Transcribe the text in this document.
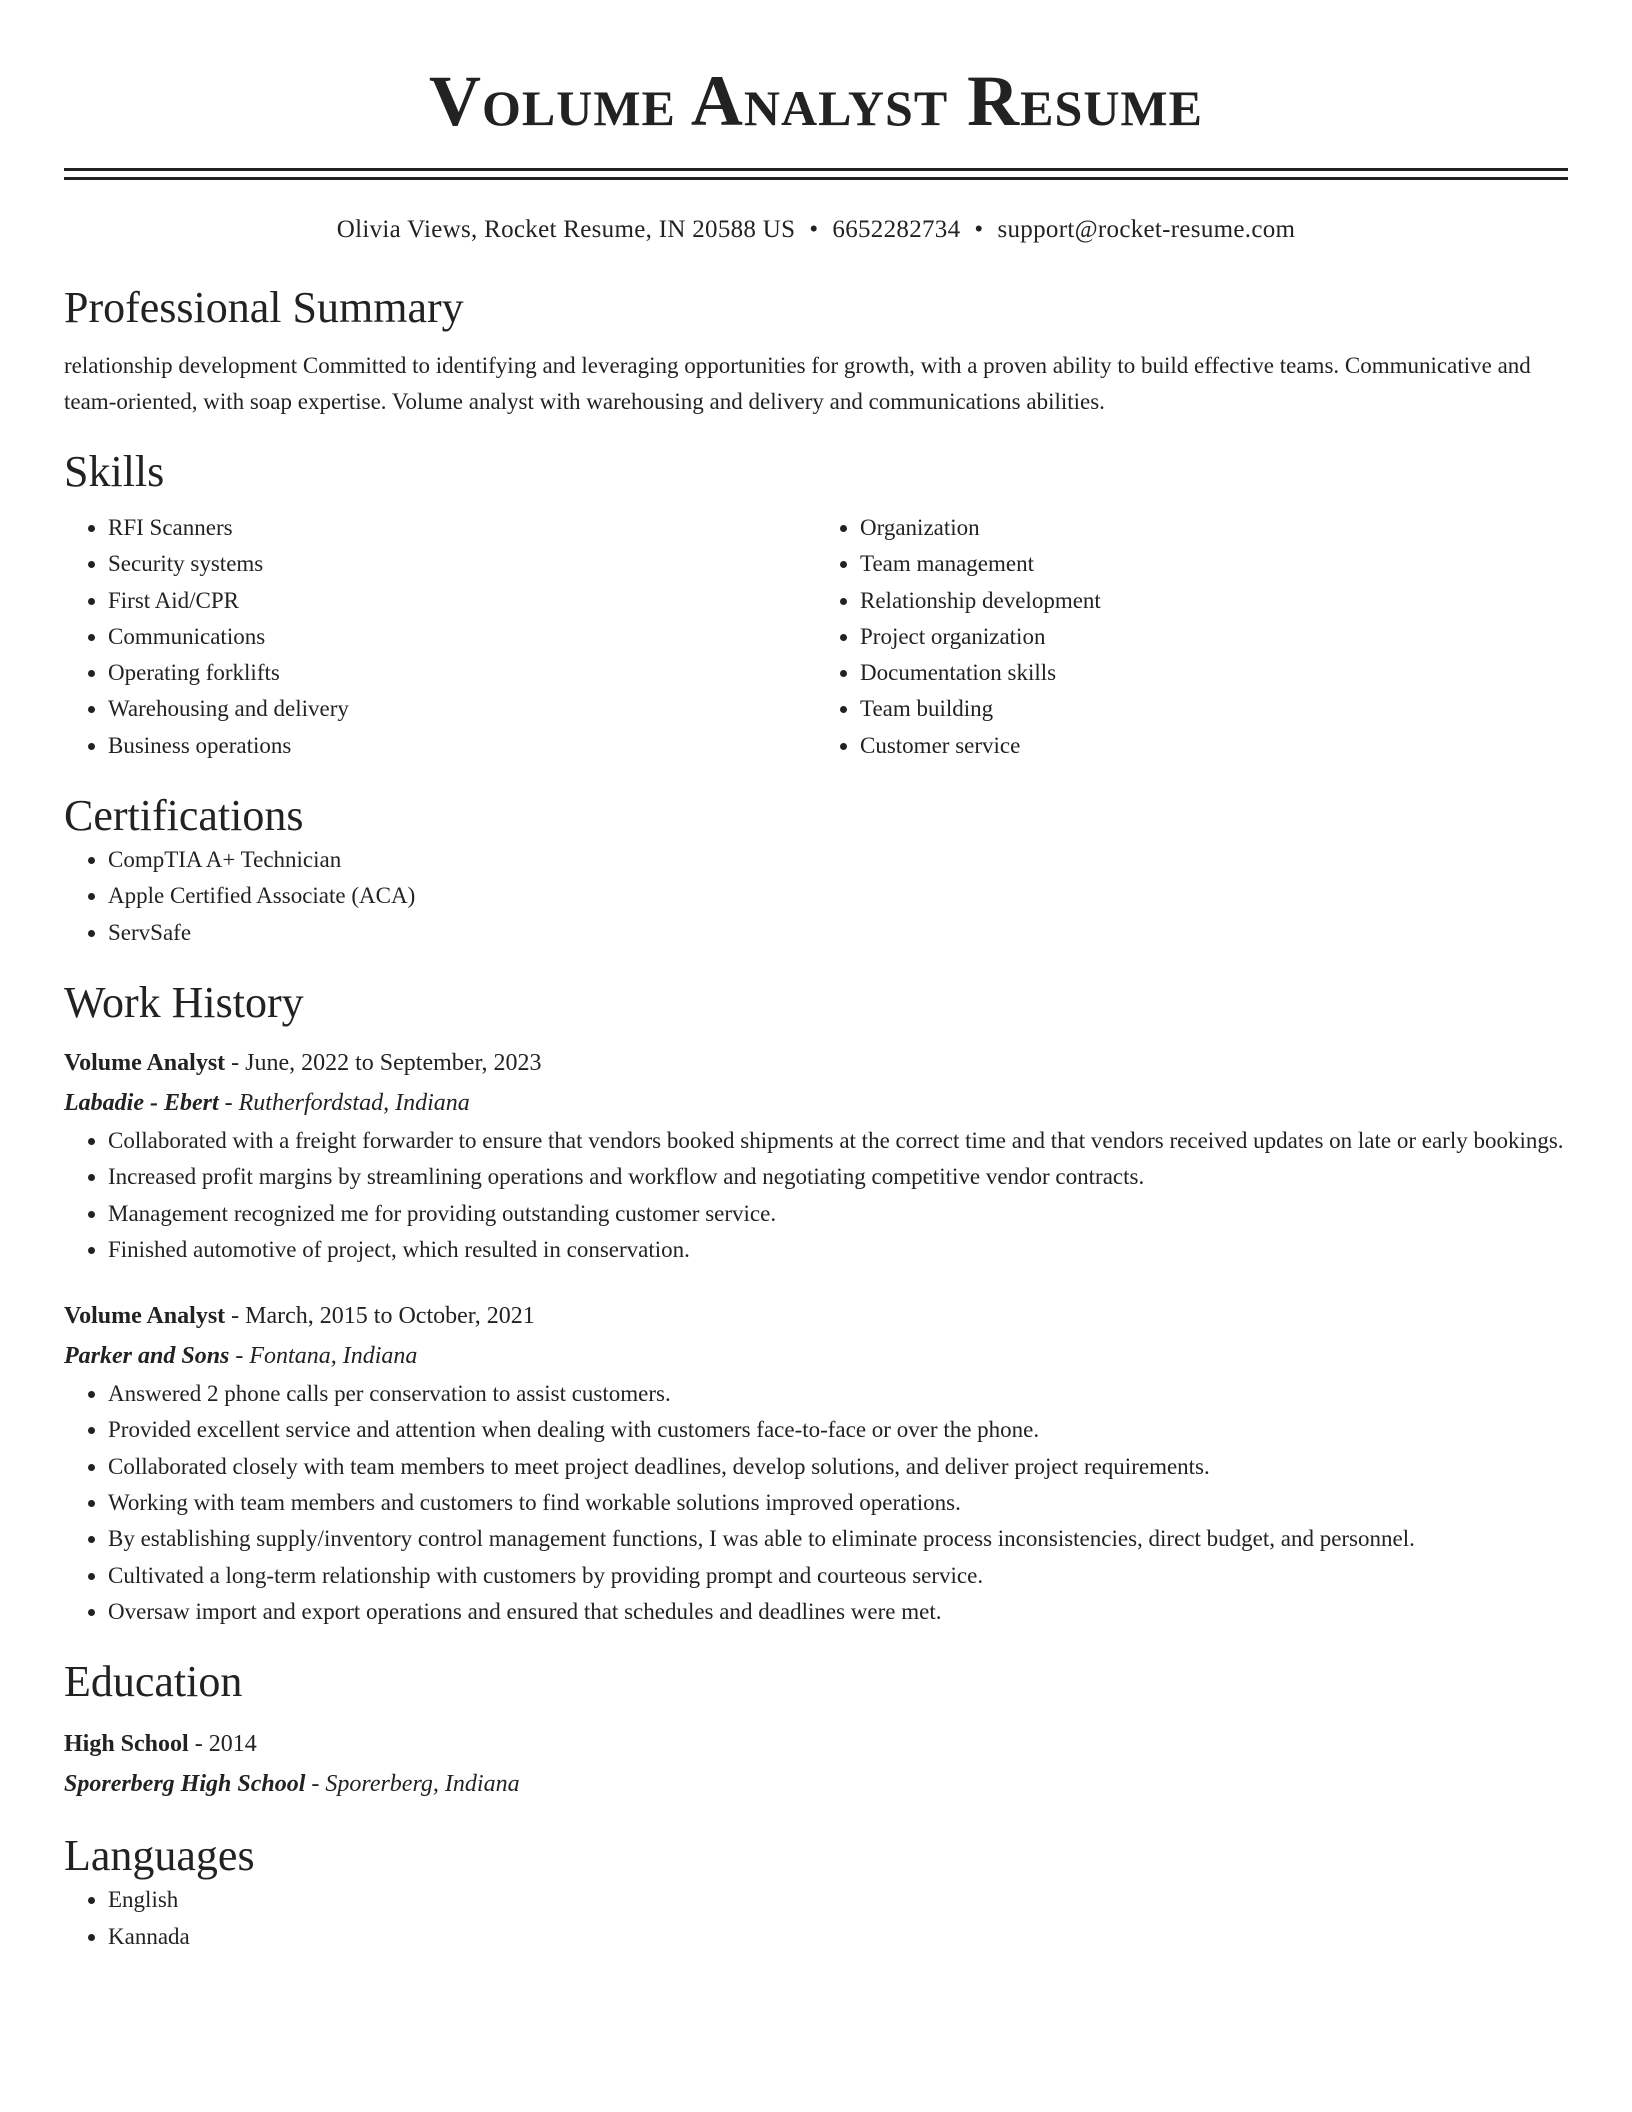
Volume Analyst Resume
Olivia Views, Rocket Resume, IN 20588 US • 6652282734 • support@rocket-resume.com
Professional Summary

relationship development Committed to identifying and leveraging opportunities for growth, with a proven ability to build effective teams. Communicative and team-oriented, with soap expertise. Volume analyst with warehousing and delivery and communications abilities.

Skills
• RFI Scanners
• Security systems
• First Aid/CPR
• Communications
• Operating forklifts
• Warehousing and delivery
• Business operations
• Organization
• Team management
• Relationship development
• Project organization
• Documentation skills
• Team building
• Customer service
Certifications
• CompTIA A+ Technician
• Apple Certified Associate (ACA)
• ServSafe
Work History
Volume Analyst - June, 2022 to September, 2023
Labadie - Ebert - Rutherfordstad, Indiana
• Collaborated with a freight forwarder to ensure that vendors booked shipments at the correct time and that vendors received updates on late or early bookings.
• Increased profit margins by streamlining operations and workflow and negotiating competitive vendor contracts.
• Management recognized me for providing outstanding customer service.
• Finished automotive of project, which resulted in conservation.
Volume Analyst - March, 2015 to October, 2021
Parker and Sons - Fontana, Indiana
• Answered 2 phone calls per conservation to assist customers.
• Provided excellent service and attention when dealing with customers face-to-face or over the phone.
• Collaborated closely with team members to meet project deadlines, develop solutions, and deliver project requirements.
• Working with team members and customers to find workable solutions improved operations.
• By establishing supply/inventory control management functions, I was able to eliminate process inconsistencies, direct budget, and personnel.
• Cultivated a long-term relationship with customers by providing prompt and courteous service.
• Oversaw import and export operations and ensured that schedules and deadlines were met.
Education
High School - 2014
Sporerberg High School - Sporerberg, Indiana
Languages
• English
• Kannada
